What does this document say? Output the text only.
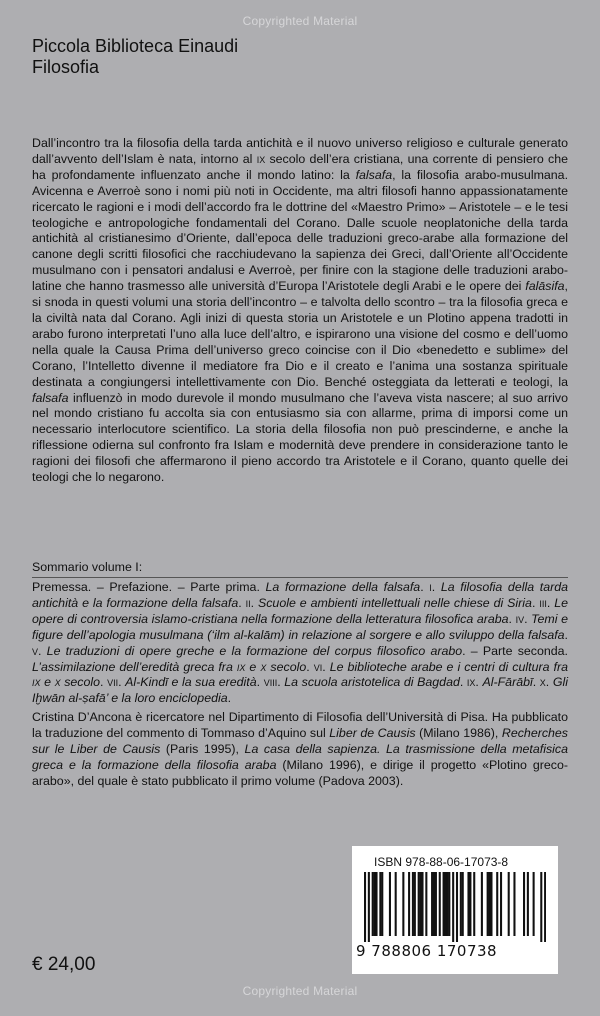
Copyrighted Material
Piccola Biblioteca Einaudi
Filosofia

Dall’incontro tra la filosofia della tarda antichità e il nuovo universo religioso e culturale generato dall’avvento dell’Islam è nata, intorno al ix secolo dell’era cristiana, una corrente di pensiero che ha profondamente influenzato anche il mondo latino: la falsafa, la filosofia arabo-musulmana. Avicenna e Averroè sono i nomi più noti in Occidente, ma altri filosofi hanno appassionatamente ricercato le ragioni e i modi dell’accordo fra le dottrine del «Maestro Primo» – Aristotele – e le tesi teologiche e antropologiche fondamentali del Corano. Dalle scuole neoplatoniche della tarda antichità al cristianesimo d’Oriente, dall’epoca delle traduzioni greco-arabe alla formazione del canone degli scritti filosofici che racchiudevano la sapienza dei Greci, dall’Oriente all’Occidente musulmano con i pensatori andalusi e Averroè, per finire con la stagione delle traduzioni arabo-latine che hanno trasmesso alle università d’Europa l’Aristotele degli Arabi e le opere dei falāsifa, si snoda in questi volumi una storia dell’incontro – e talvolta dello scontro – tra la filosofia greca e la civiltà nata dal Corano. Agli inizi di questa storia un Aristotele e un Plotino appena tradotti in arabo furono interpretati l’uno alla luce dell’altro, e ispirarono una visione del cosmo e dell’uomo nella quale la Causa Prima dell’universo greco coincise con il Dio «benedetto e sublime» del Corano, l’Intelletto divenne il mediatore fra Dio e il creato e l’anima una sostanza spirituale destinata a congiungersi intellettivamente con Dio. Benché osteggiata da letterati e teologi, la falsafa influenzò in modo durevole il mondo musulmano che l’aveva vista nascere; al suo arrivo nel mondo cristiano fu accolta sia con entusiasmo sia con allarme, prima di imporsi come un necessario interlocutore scientifico. La storia della filosofia non può prescinderne, e anche la riflessione odierna sul confronto fra Islam e modernità deve prendere in considerazione tanto le ragioni dei filosofi che affermarono il pieno accordo tra Aristotele e il Corano, quanto quelle dei teologi che lo negarono.

Sommario volume I:

Premessa. – Prefazione. – Parte prima. La formazione della falsafa. i. La filosofia della tarda antichità e la formazione della falsafa. ii. Scuole e ambienti intellettuali nelle chiese di Siria. iii. Le opere di controversia islamo-cristiana nella formazione della letteratura filosofica araba. iv. Temi e figure dell’apologia musulmana (‘ilm al-kalām) in relazione al sorgere e allo sviluppo della falsafa. v. Le traduzioni di opere greche e la formazione del corpus filosofico arabo. – Parte seconda. L’assimilazione dell’eredità greca fra ix e x secolo. vi. Le biblioteche arabe e i centri di cultura fra ix e x secolo. vii. Al-Kindī e la sua eredità. viii. La scuola aristotelica di Bagdad. ix. Al-Fārābī. x. Gli Iḫwān al-ṣafā’ e la loro enciclopedia.

Cristina D’Ancona è ricercatore nel Dipartimento di Filosofia dell’Università di Pisa. Ha pubblicato la traduzione del commento di Tommaso d’Aquino sul Liber de Causis (Milano 1986), Recherches sur le Liber de Causis (Paris 1995), La casa della sapienza. La trasmissione della metafisica greca e la formazione della filosofia araba (Milano 1996), e dirige il progetto «Plotino greco-arabo», del quale è stato pubblicato il primo volume (Padova 2003).

€ 24,00
ISBN 978-88-06-17073-8
9 788806 170738
Copyrighted Material
